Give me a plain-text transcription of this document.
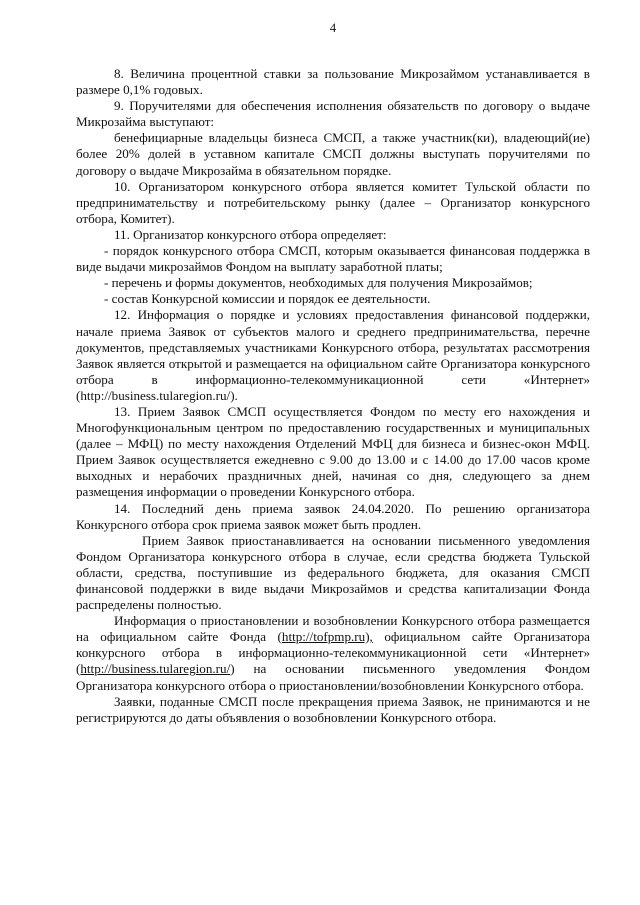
4

8. Величина процентной ставки за пользование Микрозаймом устанавливается в размере 0,1% годовых.

9. Поручителями для обеспечения исполнения обязательств по договору о выдаче Микрозайма выступают:

бенефициарные владельцы бизнеса СМСП, а также участник(ки), владеющий(ие) более 20% долей в уставном капитале СМСП должны выступать поручителями по договору о выдаче Микрозайма в обязательном порядке.

10. Организатором конкурсного отбора является комитет Тульской области по предпринимательству и потребительскому рынку (далее – Организатор конкурсного отбора, Комитет).

11. Организатор конкурсного отбора определяет:

- порядок конкурсного отбора СМСП, которым оказывается финансовая поддержка в виде выдачи микрозаймов Фондом на выплату заработной платы;

- перечень и формы документов, необходимых для получения Микрозаймов;

- состав Конкурсной комиссии и порядок ее деятельности.

12. Информация о порядке и условиях предоставления финансовой поддержки, начале приема Заявок от субъектов малого и среднего предпринимательства, перечне документов, представляемых участниками Конкурсного отбора, результатах рассмотрения Заявок является открытой и размещается на официальном сайте Организатора конкурсного отбора в информационно-телекоммуникационной сети «Интернет» (http://business.tularegion.ru/).

13. Прием Заявок СМСП осуществляется Фондом по месту его нахождения и Многофункциональным центром по предоставлению государственных и муниципальных (далее – МФЦ) по месту нахождения Отделений МФЦ для бизнеса и бизнес-окон МФЦ. Прием Заявок осуществляется ежедневно с 9.00 до 13.00 и с 14.00 до 17.00 часов кроме выходных и нерабочих праздничных дней, начиная со дня, следующего за днем размещения информации о проведении Конкурсного отбора.

14. Последний день приема заявок 24.04.2020. По решению организатора Конкурсного отбора срок приема заявок может быть продлен.

Прием Заявок приостанавливается на основании письменного уведомления Фондом Организатора конкурсного отбора в случае, если средства бюджета Тульской области, средства, поступившие из федерального бюджета, для оказания СМСП финансовой поддержки в виде выдачи Микрозаймов и средства капитализации Фонда распределены полностью.

Информация о приостановлении и возобновлении Конкурсного отбора размещается на официальном сайте Фонда (http://tofpmp.ru), официальном сайте Организатора конкурсного отбора в информационно-телекоммуникационной сети «Интернет» (http://business.tularegion.ru/) на основании письменного уведомления Фондом Организатора конкурсного отбора о приостановлении/возобновлении Конкурсного отбора.

Заявки, поданные СМСП после прекращения приема Заявок, не принимаются и не регистрируются до даты объявления о возобновлении Конкурсного отбора.
